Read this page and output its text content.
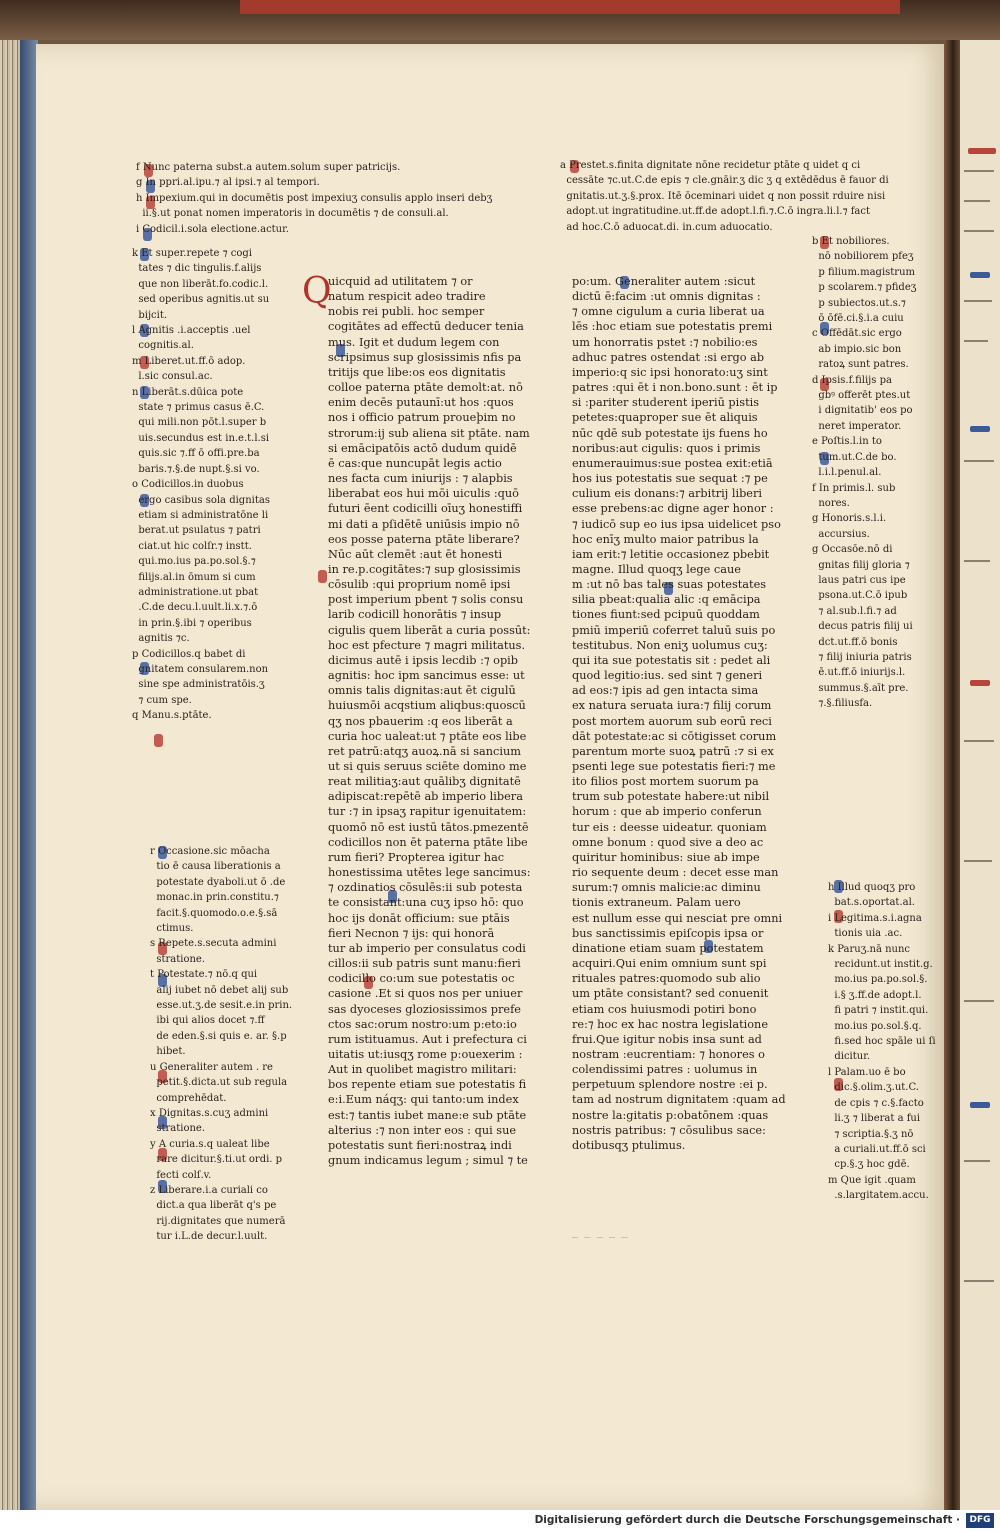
─  ─  ─  ─  ─
f Nunc paterna subst.a autem.solum super patricijs.
g In ppri.al.ipu.⁊ al ipsi.⁊ al tempori.
h Impexium.qui in documētis post impexiuʒ consulis applo inseri debʒ
ii.§.ut ponat nomen imperatoris in documētis ⁊ de consuli.al.
i Codicil.i.sola electione.actur.
k Et super.repete ⁊ cogi
tates ⁊ dic tingulis.f.alijs
que non liberāt.fo.codic.l.
sed operibus agnitis.ut su
bijcit.
l Agnitis .i.acceptis .uel
cognitis.al.
m Liberet.ut.ff.ō adop.
l.sic consul.ac.
n Liberāt.s.dūica pote
state ⁊ primus casus ē.C.
qui mili.non pōt.l.super b
uis.secundus est in.e.t.l.si
quis.sic ⁊.ff ō offi.pre.ba
baris.⁊.§.de nupt.§.si vo.
o Codicillos.in duobus
ergo casibus sola dignitas
etiam si administratōne li
berat.ut psulatus ⁊ patri
ciat.ut hic colſr.⁊ instt.
qui.mo.ius pa.po.sol.§.⁊
filijs.al.in ōmum si cum
administratione.ut pbat
.C.de decu.l.uult.li.x.⁊.ō
in prin.§.ibi ⁊ operibus
agnitis ⁊c.
p Codicillos.q babet di
gnitatem consularem.non
sine spe administratōis.ʒ
⁊ cum spe.
q Manu.s.ptāte.
r Occasione.sic mōacha
tio ē causa liberationis a
potestate dyaboli.ut ō .de
monac.in prin.constitu.⁊
facit.§.quomodo.o.e.§.sā
ctimus.
s Repete.s.secuta admini
stratione.
t Potestate.⁊ nō.q qui
alij iubet nō debet alij sub
esse.ut.ʒ.de sesit.e.in prin.
ibi qui alios docet ⁊.ff
de eden.§.si quis e. ar. §.p
hibet.
u Generaliter autem . re
petit.§.dicta.ut sub regula
comprehēdat.
x Dignitas.s.cuʒ admini
stratione.
y A curia.s.q ualeat libe
rare dicitur.§.ti.ut ordi. p
fecti colſ.v.
z Liberare.i.a curiali co
dict.a qua liberāt q's pe
rij.dignitates que numerā
tur i.L.de decur.l.uult.
a Prestet.s.finita dignitate nōne recidetur ptāte q uidet q ci
cessāte ⁊c.ut.C.de epis ⁊ cle.gnāir.ʒ dic ʒ q extēdēdus ē fauor di
gnitatis.ut.ʒ.§.prox. Itē ōceminari uidet q non possit rduire nisi
adopt.ut ingratitudine.ut.ff.de adopt.l.fi.⁊.C.ō ingra.li.l.⁊ fact
ad hoc.C.ō aduocat.di. in.cum aduocatio.
b Et nobiliores.
nō nobiliorem pfeʒ
p filium.magistrum
p scolarem.⁊ pfideʒ
p subiectos.ut.s.⁊
ō ōfē.ci.§.i.a cuiu
c Offēdāt.sic ergo
ab impio.sic bon
ratoꝝ sunt patres.
d Ipsis.f.filijs pa
gbꝰ offerēt ptes.ut
i dignitatib' eos po
neret imperator.
e Poſtis.l.in to
tum.ut.C.de bo.
l.i.l.penul.al.
f In primis.l. sub
nores.
g Honoris.s.l.i.
accursius.
g Occasōe.nō di
gnitas filij gloria ⁊
laus patri cus ipe
psona.ut.C.ō ipub
⁊ al.sub.l.fi.⁊ ad
decus patris filij ui
dct.ut.ff.ō bonis
⁊ filij iniuria patris
ē.ut.ff.ō iniurijs.l.
summus.§.aīt pre.
⁊.§.filiusfa.
h Illud quoqʒ pro
bat.s.oportat.al.
i Legitima.s.i.agna
tionis uia .ac.
k Paruʒ.nā nunc
recidunt.ut instit.g.
mo.ius pa.po.sol.§.
i.§ ʒ.ff.de adopt.l.
fi patri ⁊ instit.qui.
mo.ius po.sol.§.q.
fi.sed hoc spāle ui ſi
dicitur.
l Palam.uo ē bo
dic.§.olim.ʒ.ut.C.
de cpis ⁊ c.§.facto
li.ʒ ⁊ liberat a fui
⁊ scriptia.§.ʒ nō
a curiali.ut.ff.ō sci
cp.§.ʒ hoc gdē.
m Que igit .quam
.s.largitatem.accu.
Q
uicquid ad utilitatem ⁊ or
natum respicit adeo tradire
nobis rei publi. hoc semper
cogitātes ad effectū deducer tenia
mus. Igit et dudum legem con
scripsimus sup glosissimis nfis pa
tritijs que libe:os eos dignitatis
colloe paterna ptāte demolt:at. nō
enim decēs putaunī:ut hos :quos
nos i officio patrum proueþim no
strorum:ij sub aliena sit ptāte. nam
si emācipatōis actō dudum quidē
ē cas:que nuncupāt legis actio
nes facta cum iniurijs : ⁊ alapbis
liberabat eos hui mōi uiculis :quō
futuri ēent codicilli oīuʒ honestiffi
mi dati a pſidētē uniūsis impio nō
eos posse paterna ptāte liberare?
Nūc aūt clemēt :aut ēt honesti
in re.p.cogitātes:⁊ sup glosissimis
cōsulib :qui proprium nomē ipsi
post imperium pbent ⁊ solis consu
larib codicill honorātis ⁊ insup
cigulis quem liberāt a curia possūt:
hoc est pfecture ⁊ magri militatus.
dicimus autē i ipsis lecdib :⁊ opib
agnitis: hoc ipm sancimus esse: ut
omnis talis dignitas:aut ēt cigulū
huiusmōi acqstium aliqbus:quoscū
qʒ nos pbauerim :q eos liberāt a
curia hoc ualeat:ut ⁊ ptāte eos libe
ret patrū:atqʒ auoꝝ.nā si sancium
ut si quis seruus sciēte domino me
reat militiaʒ:aut quālibʒ dignitatē
adipiscat:repētē ab imperio libera
tur :⁊ in ipsaʒ rapitur igenuitatem:
quomō nō est iustū tātos.pmezentē
codicillos non ēt paterna ptāte libe
rum fieri? Propterea igitur hac
honestissima utētes lege sancimus:
⁊ ozdinatios cōsulēs:ii sub potesta
te consistant:una cuʒ ipso hō: quo
hoc ijs donāt officium: sue ptāis
fieri Necnon ⁊ ijs: qui honorā
tur ab imperio per consulatus codi
cillos:ii sub patris sunt manu:fieri
codicillo co:um sue potestatis oc
casione .Et si quos nos per uniuer
sas dyoceses gloziosissimos prefe
ctos sac:orum nostro:um p:eto:io
rum istituamus. Aut i prefectura ci
uitatis ut:iusqʒ rome p:ouexerim :
Aut in quolibet magistro militari:
bos repente etiam sue potestatis fi
e:i.Eum náqʒ: qui tanto:um index
est:⁊ tantis iubet mane:e sub ptāte
alterius :⁊ non inter eos : qui sue
potestatis sunt fieri:nostraꝝ indi
gnum indicamus legum ; simul ⁊ te
po:um. Generaliter autem :sicut
dictū ē:facim :ut omnis dignitas :
⁊ omne cigulum a curia liberat ua
lēs :hoc etiam sue potestatis premi
um honorratis pstet :⁊ nobilio:es
adhuc patres ostendat :si ergo ab
imperio:q sic ipsi honorato:uʒ sint
patres :qui ēt i non.bono.sunt : ēt ip
si :pariter studerent iperiū pistis
petetes:quaproper sue ēt aliquis
nūc qdē sub potestate ijs fuens ho
noribus:aut cigulis: quos i primis
enumerauimus:sue postea exit:etiā
hos ius potestatis sue sequat :⁊ pe
culium eis donans:⁊ arbitrij liberi
esse prebens:ac digne ager honor :
⁊ iudicō sup eo ius ipsa uidelicet pso
hoc enīʒ multo maior patribus la
iam erit:⁊ letitie occasionez pbebit
magne. Illud quoqʒ lege caue
m :ut nō bas tales suas potestates
silia pbeat:qualia alic :q emācipa
tiones fiunt:sed pcipuū quoddam
pmiū imperiū coferret taluū suis po
testitubus. Non eniʒ uolumus cuʒ:
qui ita sue potestatis sit : pedet ali
quod legitio:ius. sed sint ⁊ generi
ad eos:⁊ ipis ad gen intacta sima
ex natura seruata iura:⁊ filij corum
post mortem auorum sub eorū reci
dāt potestate:ac si cōtigisset corum
parentum morte suoꝝ patrū :⁊ si ex
psenti lege sue potestatis fieri:⁊ me
ito filios post mortem suorum pa
trum sub potestate habere:ut nibil
horum : que ab imperio conferun
tur eis : deesse uideatur. quoniam
omne bonum : quod sive a deo ac
quiritur hominibus: siue ab impe
rio sequente deum : decet esse man
surum:⁊ omnis malicie:ac diminu
tionis extraneum. Palam uero
est nullum esse qui nesciat pre omni
bus sanctissimis epiſcopis ipsa or
dinatione etiam suam potestatem
acquiri.Qui enim omnium sunt spi
rituales patres:quomodo sub alio
um ptāte consistant? sed conuenit
etiam cos huiusmodi potiri bono
re:⁊ hoc ex hac nostra legislatione
frui.Que igitur nobis insa sunt ad
nostram :eucrentiam: ⁊ honores o
colendissimi patres : uolumus in
perpetuum splendore nostre :ei p.
tam ad nostrum dignitatem :quam ad
nostre la:gitatis p:obatōnem :quas
nostris patribus: ⁊ cōsulibus sace:
dotibusqʒ ptulimus.
Digitalisierung gefördert durch die Deutsche Forschungsgemeinschaft ·	DFG
